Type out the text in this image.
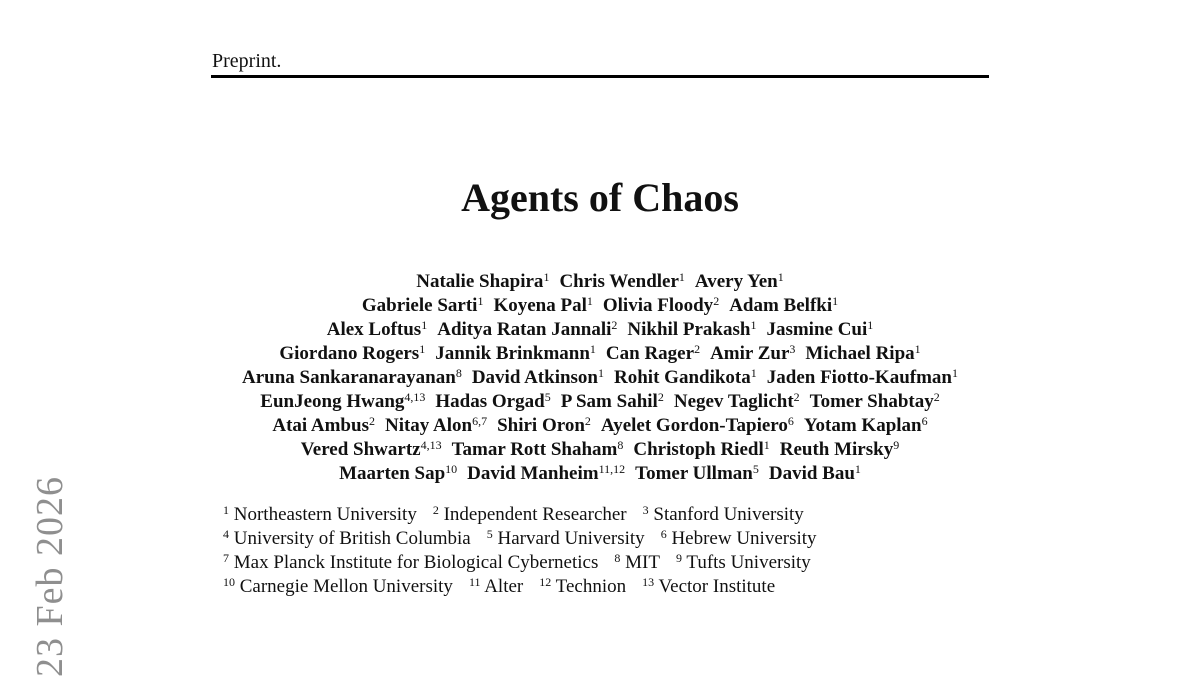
Preprint.
23 Feb 2026
Agents of Chaos
Natalie Shapira$^1$ Chris Wendler$^1$ Avery Yen$^1$
Gabriele Sarti$^1$ Koyena Pal$^1$ Olivia Floody$^2$ Adam Belfki$^1$
Alex Loftus$^1$ Aditya Ratan Jannali$^2$ Nikhil Prakash$^1$ Jasmine Cui$^1$
Giordano Rogers$^1$ Jannik Brinkmann$^1$ Can Rager$^2$ Amir Zur$^3$ Michael Ripa$^1$
Aruna Sankaranarayanan$^8$ David Atkinson$^1$ Rohit Gandikota$^1$ Jaden Fiotto-Kaufman$^1$
EunJeong Hwang$^{4,13}$ Hadas Orgad$^5$ P Sam Sahil$^2$ Negev Taglicht$^2$ Tomer Shabtay$^2$
Atai Ambus$^2$ Nitay Alon$^{6,7}$ Shiri Oron$^2$ Ayelet Gordon-Tapiero$^6$ Yotam Kaplan$^6$
Vered Shwartz$^{4,13}$ Tamar Rott Shaham$^8$ Christoph Riedl$^1$ Reuth Mirsky$^9$
Maarten Sap$^{10}$ David Manheim$^{11,12}$ Tomer Ullman$^5$ David Bau$^1$
$^1$ Northeastern University $^2$ Independent Researcher $^3$ Stanford University
$^4$ University of British Columbia $^5$ Harvard University $^6$ Hebrew University
$^7$ Max Planck Institute for Biological Cybernetics $^8$ MIT $^9$ Tufts University
$^{10}$ Carnegie Mellon University $^{11}$ Alter $^{12}$ Technion $^{13}$ Vector Institute
